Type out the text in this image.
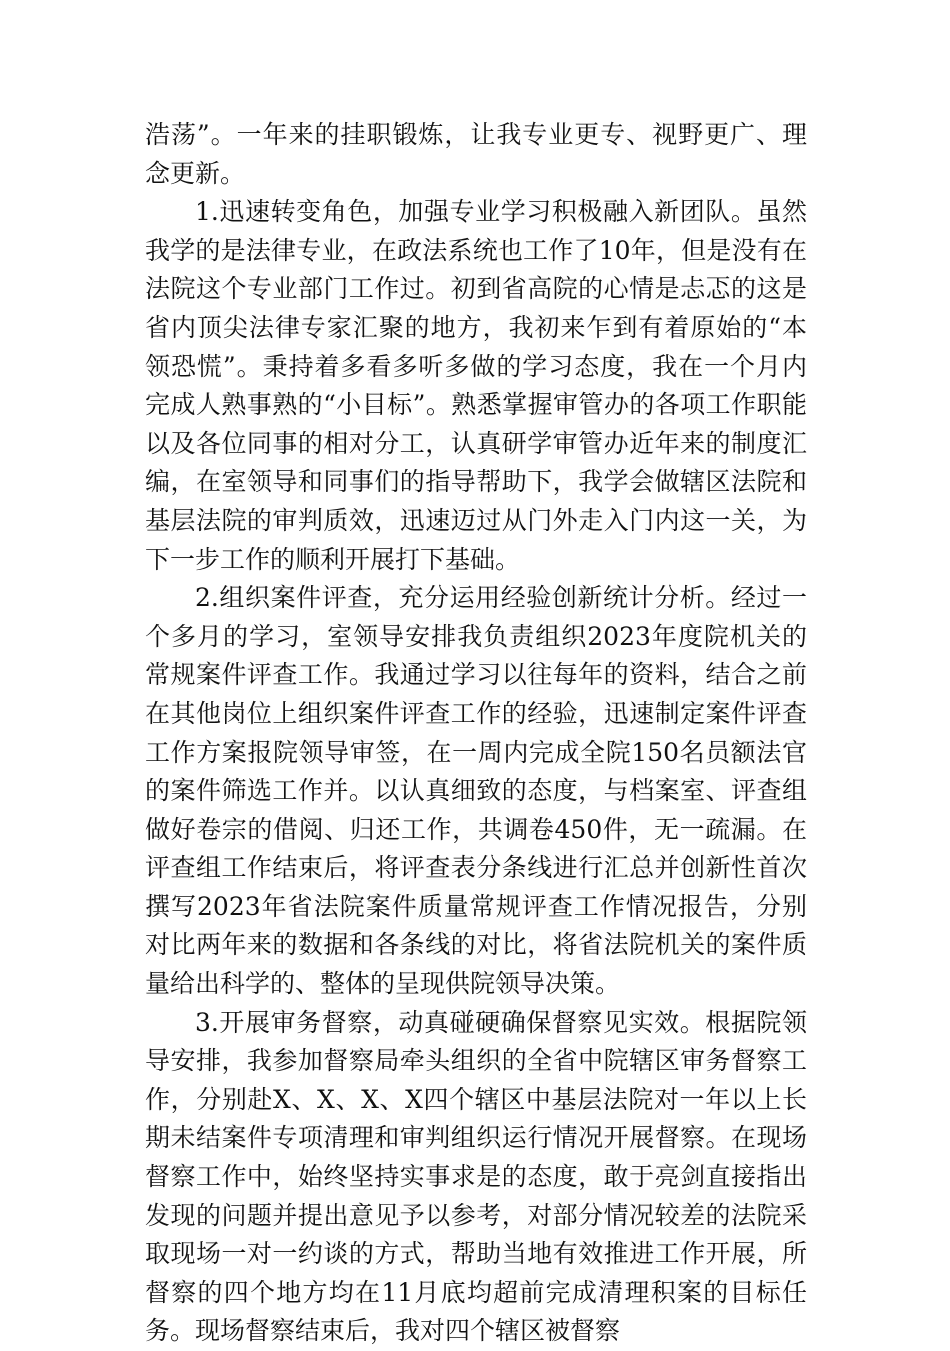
浩荡”。一年来的挂职锻炼，让我专业更专、视野更广、理念更新。

1.迅速转变角色，加强专业学习积极融入新团队。虽然我学的是法律专业，在政法系统也工作了10年，但是没有在法院这个专业部门工作过。初到省高院的心情是忐忑的这是省内顶尖法律专家汇聚的地方，我初来乍到有着原始的“本领恐慌”。秉持着多看多听多做的学习态度，我在一个月内完成人熟事熟的“小目标”。熟悉掌握审管办的各项工作职能以及各位同事的相对分工，认真研学审管办近年来的制度汇编，在室领导和同事们的指导帮助下，我学会做辖区法院和基层法院的审判质效，迅速迈过从门外走入门内这一关，为下一步工作的顺利开展打下基础。

2.组织案件评查，充分运用经验创新统计分析。经过一个多月的学习，室领导安排我负责组织2023年度院机关的常规案件评查工作。我通过学习以往每年的资料，结合之前在其他岗位上组织案件评查工作的经验，迅速制定案件评查工作方案报院领导审签，在一周内完成全院150名员额法官的案件筛选工作并。以认真细致的态度，与档案室、评查组做好卷宗的借阅、归还工作，共调卷450件，无一疏漏。在评查组工作结束后，将评查表分条线进行汇总并创新性首次撰写2023年省法院案件质量常规评查工作情况报告，分别对比两年来的数据和各条线的对比，将省法院机关的案件质量给出科学的、整体的呈现供院领导决策。

3.开展审务督察，动真碰硬确保督察见实效。根据院领导安排，我参加督察局牵头组织的全省中院辖区审务督察工作，分别赴X、X、X、X四个辖区中基层法院对一年以上长期未结案件专项清理和审判组织运行情况开展督察。在现场督察工作中，始终坚持实事求是的态度，敢于亮剑直接指出发现的问题并提出意见予以参考，对部分情况较差的法院采取现场一对一约谈的方式，帮助当地有效推进工作开展，所督察的四个地方均在11月底均超前完成清理积案的目标任务。现场督察结束后，我对四个辖区被督察
